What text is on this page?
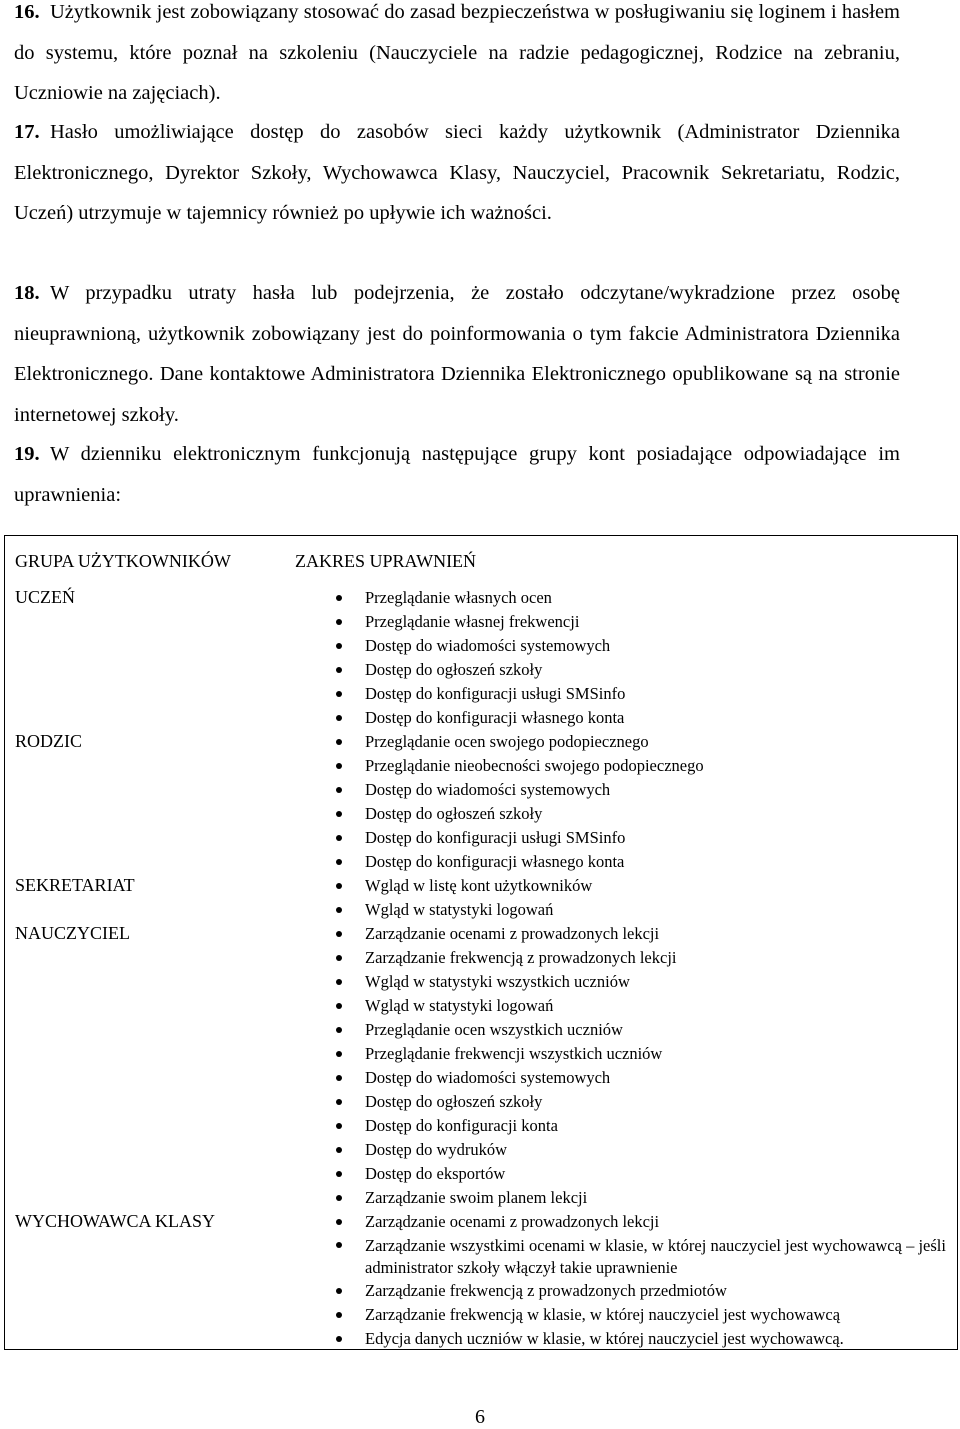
16. Użytkownik jest zobowiązany stosować do zasad bezpieczeństwa w posługiwaniu się loginem i hasłem do systemu, które poznał na szkoleniu (Nauczyciele na radzie pedagogicznej, Rodzice na zebraniu, Uczniowie na zajęciach).
17. Hasło umożliwiające dostęp do zasobów sieci każdy użytkownik (Administrator Dziennika Elektronicznego, Dyrektor Szkoły, Wychowawca Klasy, Nauczyciel, Pracownik Sekretariatu, Rodzic, Uczeń) utrzymuje w tajemnicy również po upływie ich ważności.
18. W przypadku utraty hasła lub podejrzenia, że zostało odczytane/wykradzione przez osobę nieuprawnioną, użytkownik zobowiązany jest do poinformowania o tym fakcie Administratora Dziennika Elektronicznego. Dane kontaktowe Administratora Dziennika Elektronicznego opublikowane są na stronie internetowej szkoły.
19. W dzienniku elektronicznym funkcjonują następujące grupy kont posiadające odpowiadające im uprawnienia:
GRUPA UŻYTKOWNIKÓW	ZAKRES UPRAWNIEŃ
UCZEŃ	Przeglądanie własnych ocen
Przeglądanie własnej frekwencji
Dostęp do wiadomości systemowych
Dostęp do ogłoszeń szkoły
Dostęp do konfiguracji usługi SMSinfo
Dostęp do konfiguracji własnego konta
RODZIC	Przeglądanie ocen swojego podopiecznego
Przeglądanie nieobecności swojego podopiecznego
Dostęp do wiadomości systemowych
Dostęp do ogłoszeń szkoły
Dostęp do konfiguracji usługi SMSinfo
Dostęp do konfiguracji własnego konta
SEKRETARIAT	Wgląd w listę kont użytkowników
Wgląd w statystyki logowań
NAUCZYCIEL	Zarządzanie ocenami z prowadzonych lekcji
Zarządzanie frekwencją z prowadzonych lekcji
Wgląd w statystyki wszystkich uczniów
Wgląd w statystyki logowań
Przeglądanie ocen wszystkich uczniów
Przeglądanie frekwencji wszystkich uczniów
Dostęp do wiadomości systemowych
Dostęp do ogłoszeń szkoły
Dostęp do konfiguracji konta
Dostęp do wydruków
Dostęp do eksportów
Zarządzanie swoim planem lekcji
WYCHOWAWCA KLASY	Zarządzanie ocenami z prowadzonych lekcji
Zarządzanie wszystkimi ocenami w klasie, w której nauczyciel jest wychowawcą – jeśli administrator szkoły włączył takie uprawnienie
Zarządzanie frekwencją z prowadzonych przedmiotów
Zarządzanie frekwencją w klasie, w której nauczyciel jest wychowawcą
Edycja danych uczniów w klasie, w której nauczyciel jest wychowawcą.
6
